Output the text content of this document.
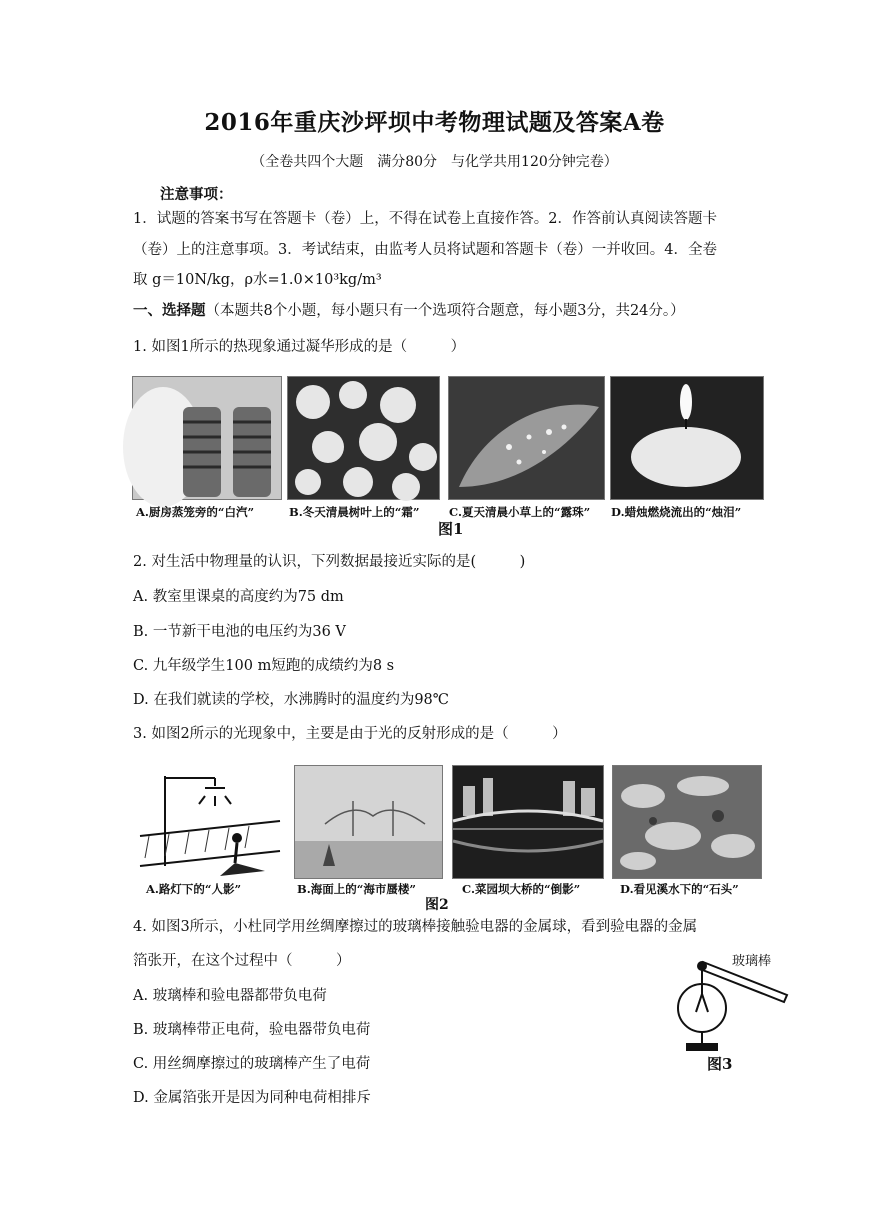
2016年重庆沙坪坝中考物理试题及答案A卷
（全卷共四个大题　满分80分　与化学共用120分钟完卷）
注意事项：
1．试题的答案书写在答题卡（卷）上，不得在试卷上直接作答。2．作答前认真阅读答题卡
（卷）上的注意事项。3．考试结束，由监考人员将试题和答题卡（卷）一并收回。4．全卷
取 g＝10N/kg，ρ水=1.0×10³kg/m³
一、选择题（本题共8个小题，每小题只有一个选项符合题意，每小题3分，共24分。）
1. 如图1所示的热现象通过凝华形成的是（　　　）
A.厨房蒸笼旁的“白汽”	B.冬天清晨树叶上的“霜”	C.夏天清晨小草上的“露珠” D.蜡烛燃烧流出的“烛泪”
图1
2. 对生活中物理量的认识，下列数据最接近实际的是(　　　)
A. 教室里课桌的高度约为75 dm
B. 一节新干电池的电压约为36 V
C. 九年级学生100 m短跑的成绩约为8 s
D. 在我们就读的学校，水沸腾时的温度约为98℃
3. 如图2所示的光现象中，主要是由于光的反射形成的是（　　　）
A.路灯下的“人影”	B.海面上的“海市蜃楼”	C.菜园坝大桥的“倒影”	D.看见溪水下的“石头”
图2
4. 如图3所示，小杜同学用丝绸摩擦过的玻璃棒接触验电器的金属球，看到验电器的金属
箔张开，在这个过程中（　　　）
A. 玻璃棒和验电器都带负电荷
B. 玻璃棒带正电荷，验电器带负电荷
C. 用丝绸摩擦过的玻璃棒产生了电荷
D. 金属箔张开是因为同种电荷相排斥
玻璃棒
图3
